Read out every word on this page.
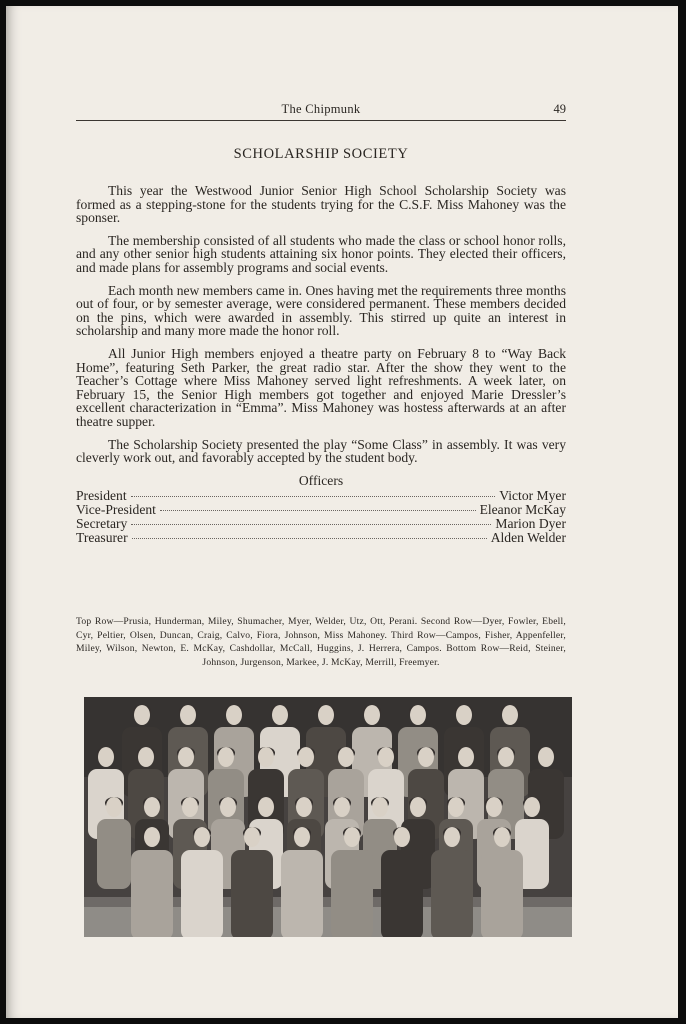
The Chipmunk	49
SCHOLARSHIP SOCIETY

This year the Westwood Junior Senior High School Scholarship Society was formed as a stepping-stone for the students trying for the C.S.F. Miss Mahoney was the sponser.

The membership consisted of all students who made the class or school honor rolls, and any other senior high students attaining six honor points. They elected their officers, and made plans for assembly programs and social events.

Each month new members came in. Ones having met the requirements three months out of four, or by semester average, were considered permanent. These members decided on the pins, which were awarded in assembly. This stirred up quite an interest in scholarship and many more made the honor roll.

All Junior High members enjoyed a theatre party on February 8 to “Way Back Home”, featuring Seth Parker, the great radio star. After the show they went to the Teacher’s Cottage where Miss Mahoney served light refreshments. A week later, on February 15, the Senior High members got together and enjoyed Marie Dressler’s excellent characterization in “Emma”. Miss Mahoney was hostess afterwards at an after theatre supper.

The Scholarship Society presented the play “Some Class” in assembly. It was very cleverly work out, and favorably accepted by the student body.

Officers
President	Victor Myer
Vice-President	Eleanor McKay
Secretary	Marion Dyer
Treasurer	Alden Welder
Top Row—Prusia, Hunderman, Miley, Shumacher, Myer, Welder, Utz, Ott, Perani. Second Row—Dyer, Fowler, Ebell, Cyr, Peltier, Olsen, Duncan, Craig, Calvo, Fiora, Johnson, Miss Mahoney. Third Row—Campos, Fisher, Appenfeller, Miley, Wilson, Newton, E. McKay, Cashdollar, McCall, Huggins, J. Herrera, Campos. Bottom Row—Reid, Steiner, Johnson, Jurgenson, Markee, J. McKay, Merrill, Freemyer.
